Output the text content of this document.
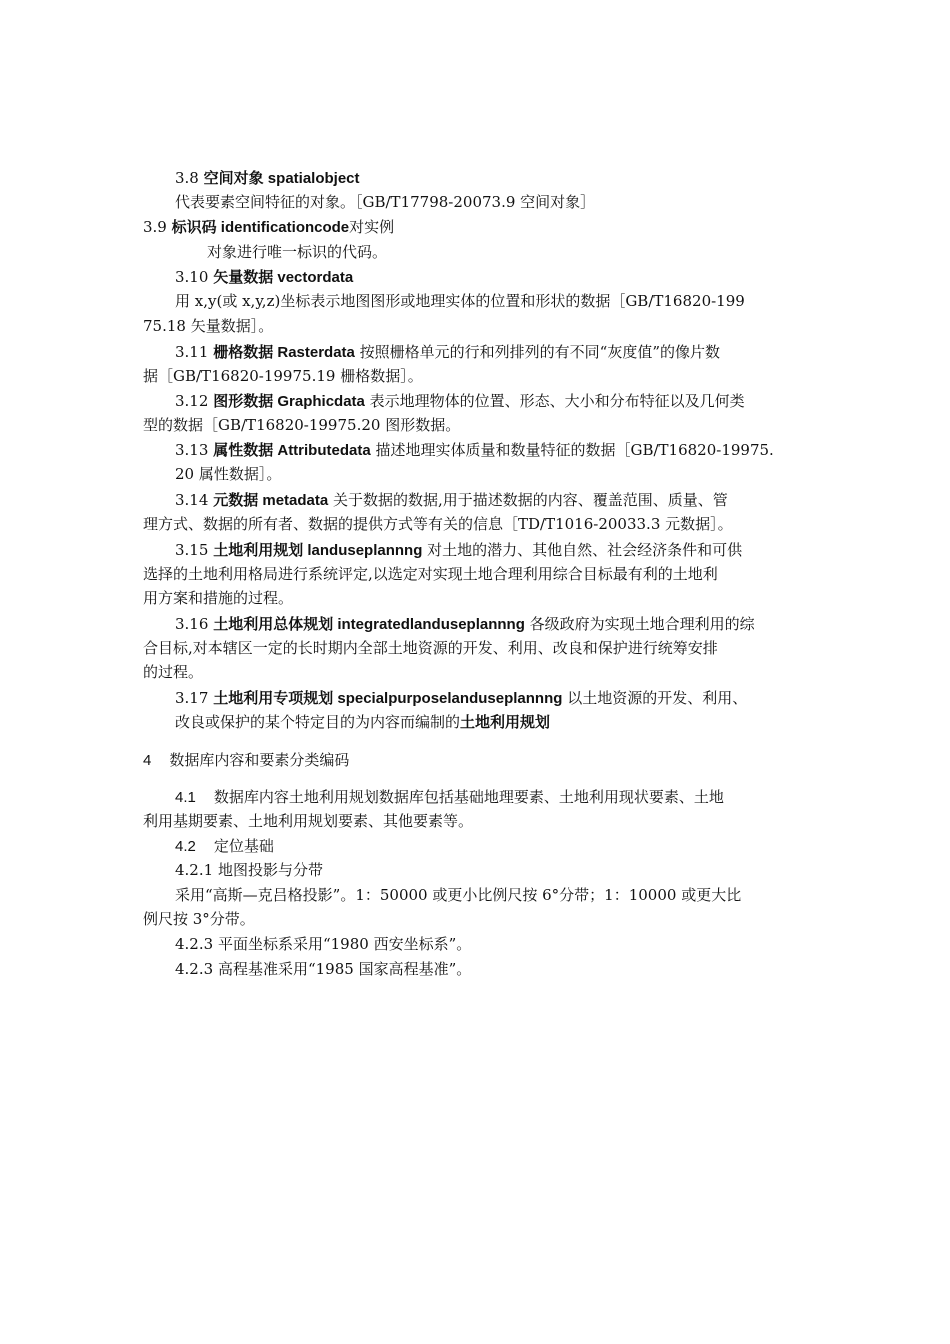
3.8 空间对象 spatialobject
代表要素空间特征的对象。［GB/T17798-20073.9 空间对象］
3.9 标识码 identificationcode对实例
对象进行唯一标识的代码。
3.10 矢量数据 vectordata
用 x,y(或 x,y,z)坐标表示地图图形或地理实体的位置和形状的数据［GB/T16820-199
75.18 矢量数据］。
3.11 栅格数据 Rasterdata 按照栅格单元的行和列排列的有不同“灰度值”的像片数
据［GB/T16820-19975.19 栅格数据］。
3.12 图形数据 Graphicdata 表示地理物体的位置、形态、大小和分布特征以及几何类
型的数据［GB/T16820-19975.20 图形数据。
3.13 属性数据 Attributedata 描述地理实体质量和数量特征的数据［GB/T16820-19975.
20 属性数据］。
3.14 元数据 metadata 关于数据的数据,用于描述数据的内容、覆盖范围、质量、管
理方式、数据的所有者、数据的提供方式等有关的信息［TD/T1016-20033.3 元数据］。
3.15 土地利用规划 landuseplannng 对土地的潜力、其他自然、社会经济条件和可供
选择的土地利用格局进行系统评定,以选定对实现土地合理利用综合目标最有利的土地利
用方案和措施的过程。
3.16 土地利用总体规划 integratedlanduseplannng 各级政府为实现土地合理利用的综
合目标,对本辖区一定的长时期内全部土地资源的开发、利用、改良和保护进行统筹安排
的过程。
3.17 土地利用专项规划 specialpurposelanduseplannng 以土地资源的开发、利用、
改良或保护的某个特定目的为内容而编制的土地利用规划
4 数据库内容和要素分类编码
4.1 数据库内容土地利用规划数据库包括基础地理要素、土地利用现状要素、土地
利用基期要素、土地利用规划要素、其他要素等。
4.2 定位基础
4.2.1 地图投影与分带
采用“高斯—克吕格投影”。1：50000 或更小比例尺按 6°分带；1：10000 或更大比
例尺按 3°分带。
4.2.3 平面坐标系采用“1980 西安坐标系”。
4.2.3 高程基准采用“1985 国家高程基准”。
